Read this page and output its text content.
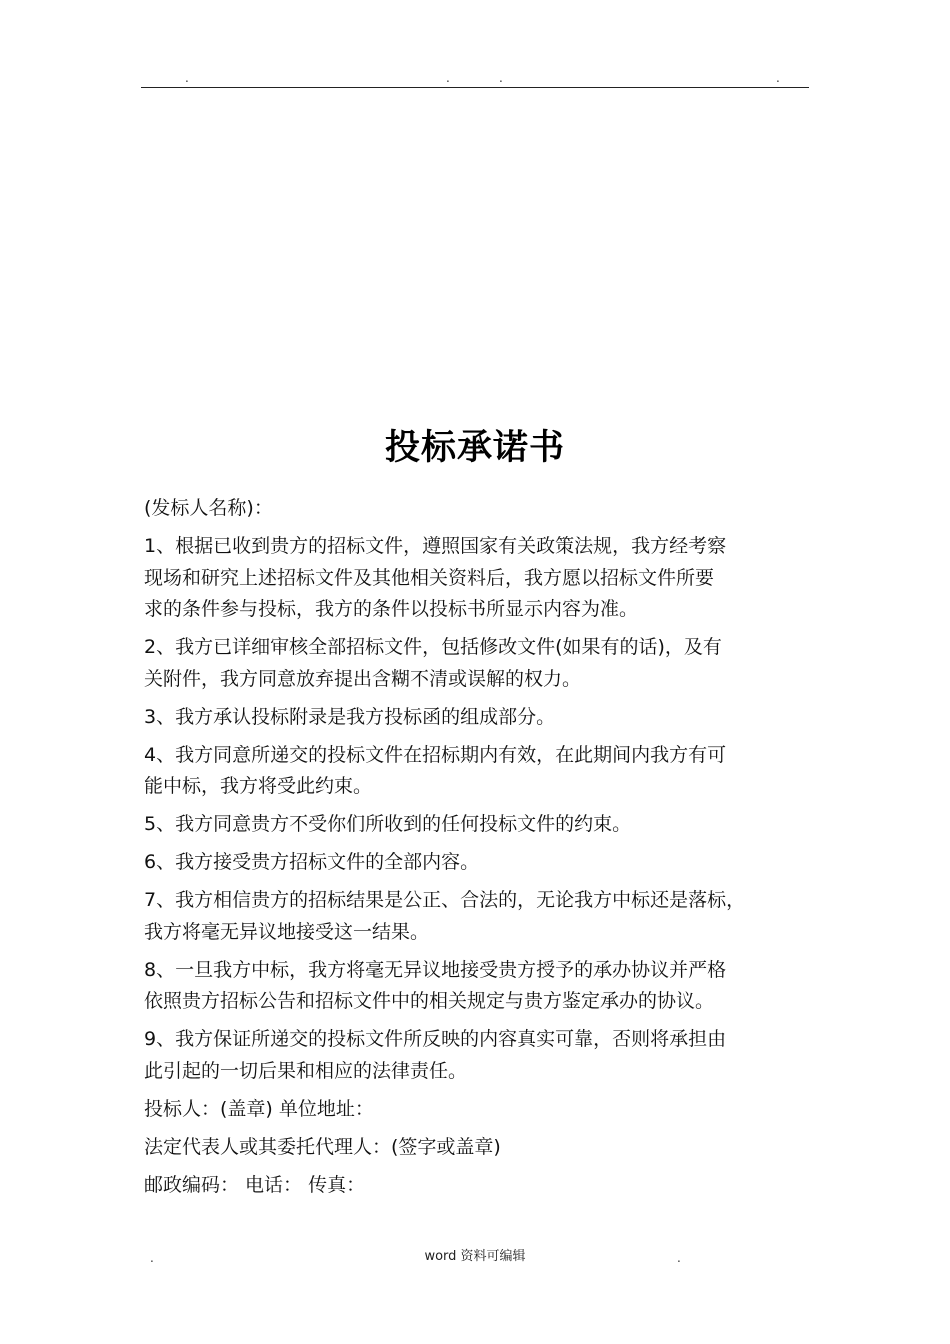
.	.	.	.
投标承诺书
(发标人名称)：
1、根据已收到贵方的招标文件，遵照国家有关政策法规，我方经考察
现场和研究上述招标文件及其他相关资料后，我方愿以招标文件所要
求的条件参与投标，我方的条件以投标书所显示内容为准。
2、我方已详细审核全部招标文件，包括修改文件(如果有的话)，及有
关附件，我方同意放弃提出含糊不清或误解的权力。
3、我方承认投标附录是我方投标函的组成部分。
4、我方同意所递交的投标文件在招标期内有效，在此期间内我方有可
能中标，我方将受此约束。
5、我方同意贵方不受你们所收到的任何投标文件的约束。
6、我方接受贵方招标文件的全部内容。
7、我方相信贵方的招标结果是公正、合法的，无论我方中标还是落标，
我方将毫无异议地接受这一结果。
8、一旦我方中标，我方将毫无异议地接受贵方授予的承办协议并严格
依照贵方招标公告和招标文件中的相关规定与贵方鉴定承办的协议。
9、我方保证所递交的投标文件所反映的内容真实可靠，否则将承担由
此引起的一切后果和相应的法律责任。
投标人：(盖章) 单位地址：
法定代表人或其委托代理人：(签字或盖章)
邮政编码： 电话： 传真：
.	word 资料可编辑	.
